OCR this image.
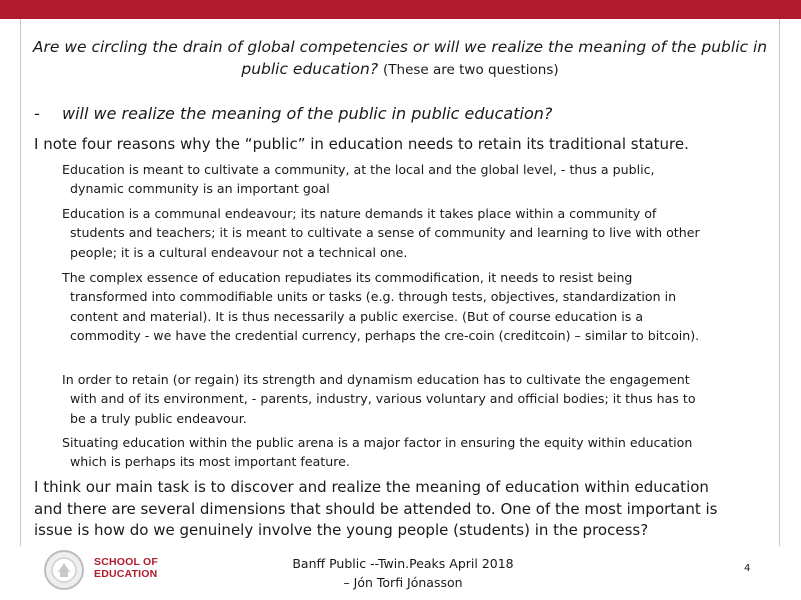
Are we circling the drain of global competencies or will we realize the meaning of the public in public education? (These are two questions)
- will we realize the meaning of the public in public education?
I note four reasons why the “public” in education needs to retain its traditional stature.
Education is meant to cultivate a community, at the local and the global level, - thus a public, dynamic community is an important goal
Education is a communal endeavour; its nature demands it takes place within a community of students and teachers; it is meant to cultivate a sense of community and learning to live with other people; it is a cultural endeavour not a technical one.
The complex essence of education repudiates its commodification, it needs to resist being transformed into commodifiable units or tasks (e.g. through tests, objectives, standardization in content and material). It is thus necessarily a public exercise. (But of course education is a commodity - we have the credential currency, perhaps the cre-coin (creditcoin) – similar to bitcoin).
In order to retain (or regain) its strength and dynamism education has to cultivate the engagement with and of its environment, - parents, industry, various voluntary and official bodies; it thus has to be a truly public endeavour.
Situating education within the public arena is a major factor in ensuring the equity within education which is perhaps its most important feature.
I think our main task is to discover and realize the meaning of education within education and there are several dimensions that should be attended to. One of the most important is issue is how do we genuinely involve the young people (students) in the process?
SCHOOL OF EDUCATION
Banff Public --Twin.Peaks April 2018
– Jón Torfi Jónasson
4
